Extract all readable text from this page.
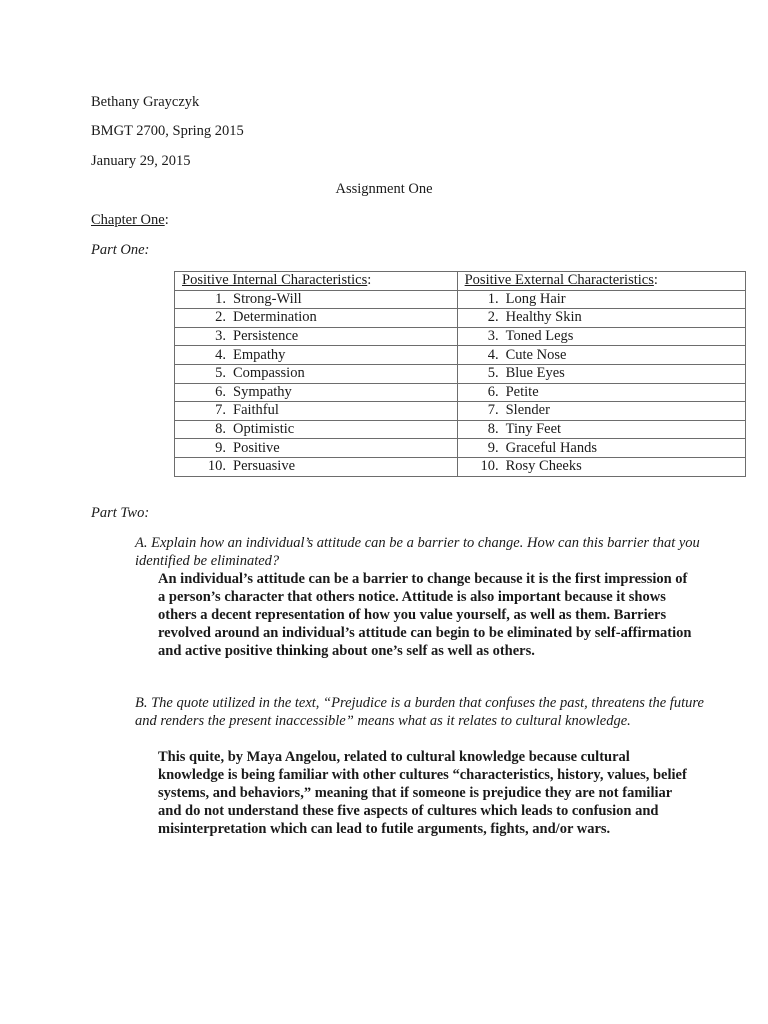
Bethany Grayczyk
BMGT 2700, Spring 2015
January 29, 2015
Assignment One
Chapter One:
Part One:
Positive Internal Characteristics:	Positive External Characteristics:
1. Strong-Will	1. Long Hair
2. Determination	2. Healthy Skin
3. Persistence	3. Toned Legs
4. Empathy	4. Cute Nose
5. Compassion	5. Blue Eyes
6. Sympathy	6. Petite
7. Faithful	7. Slender
8. Optimistic	8. Tiny Feet
9. Positive	9. Graceful Hands
10. Persuasive	10. Rosy Cheeks
Part Two:
A. Explain how an individual’s attitude can be a barrier to change. How can this barrier that you identified be eliminated?
An individual’s attitude can be a barrier to change because it is the first impression of a person’s character that others notice. Attitude is also important because it shows others a decent representation of how you value yourself, as well as them. Barriers revolved around an individual’s attitude can begin to be eliminated by self-affirmation and active positive thinking about one’s self as well as others.
B. The quote utilized in the text, “Prejudice is a burden that confuses the past, threatens the future and renders the present inaccessible” means what as it relates to cultural knowledge.
This quite, by Maya Angelou, related to cultural knowledge because cultural knowledge is being familiar with other cultures “characteristics, history, values, belief systems, and behaviors,” meaning that if someone is prejudice they are not familiar and do not understand these five aspects of cultures which leads to confusion and misinterpretation which can lead to futile arguments, fights, and/or wars.
